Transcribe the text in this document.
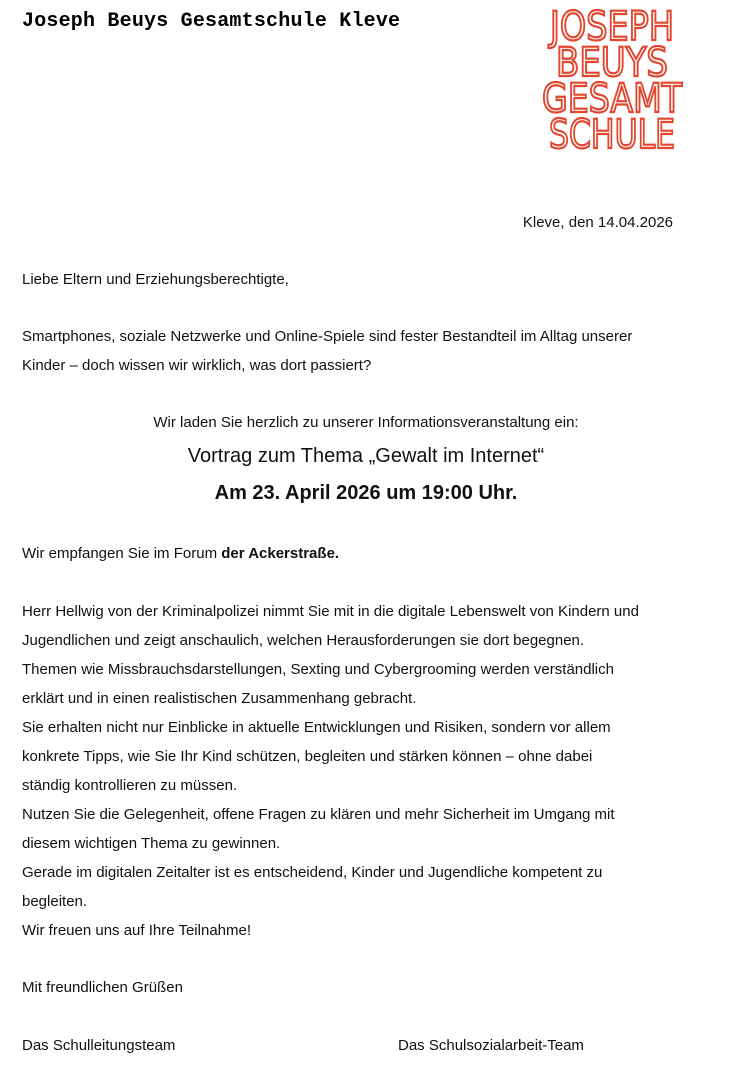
Joseph Beuys Gesamtschule Kleve	JOSEPH
BEUYS
GESAMT
SCHULE
Kleve, den 14.04.2026
Liebe Eltern und Erziehungsberechtigte,
Smartphones, soziale Netzwerke und Online-Spiele sind fester Bestandteil im Alltag unserer
Kinder – doch wissen wir wirklich, was dort passiert?
Wir laden Sie herzlich zu unserer Informationsveranstaltung ein:
Vortrag zum Thema „Gewalt im Internet“
Am 23. April 2026 um 19:00 Uhr.
Wir empfangen Sie im Forum der Ackerstraße.
Herr Hellwig von der Kriminalpolizei nimmt Sie mit in die digitale Lebenswelt von Kindern und
Jugendlichen und zeigt anschaulich, welchen Herausforderungen sie dort begegnen.
Themen wie Missbrauchsdarstellungen, Sexting und Cybergrooming werden verständlich
erklärt und in einen realistischen Zusammenhang gebracht.
Sie erhalten nicht nur Einblicke in aktuelle Entwicklungen und Risiken, sondern vor allem
konkrete Tipps, wie Sie Ihr Kind schützen, begleiten und stärken können – ohne dabei
ständig kontrollieren zu müssen.
Nutzen Sie die Gelegenheit, offene Fragen zu klären und mehr Sicherheit im Umgang mit
diesem wichtigen Thema zu gewinnen.
Gerade im digitalen Zeitalter ist es entscheidend, Kinder und Jugendliche kompetent zu
begleiten.
Wir freuen uns auf Ihre Teilnahme!
Mit freundlichen Grüßen
Das Schulleitungsteam	Das Schulsozialarbeit-Team
